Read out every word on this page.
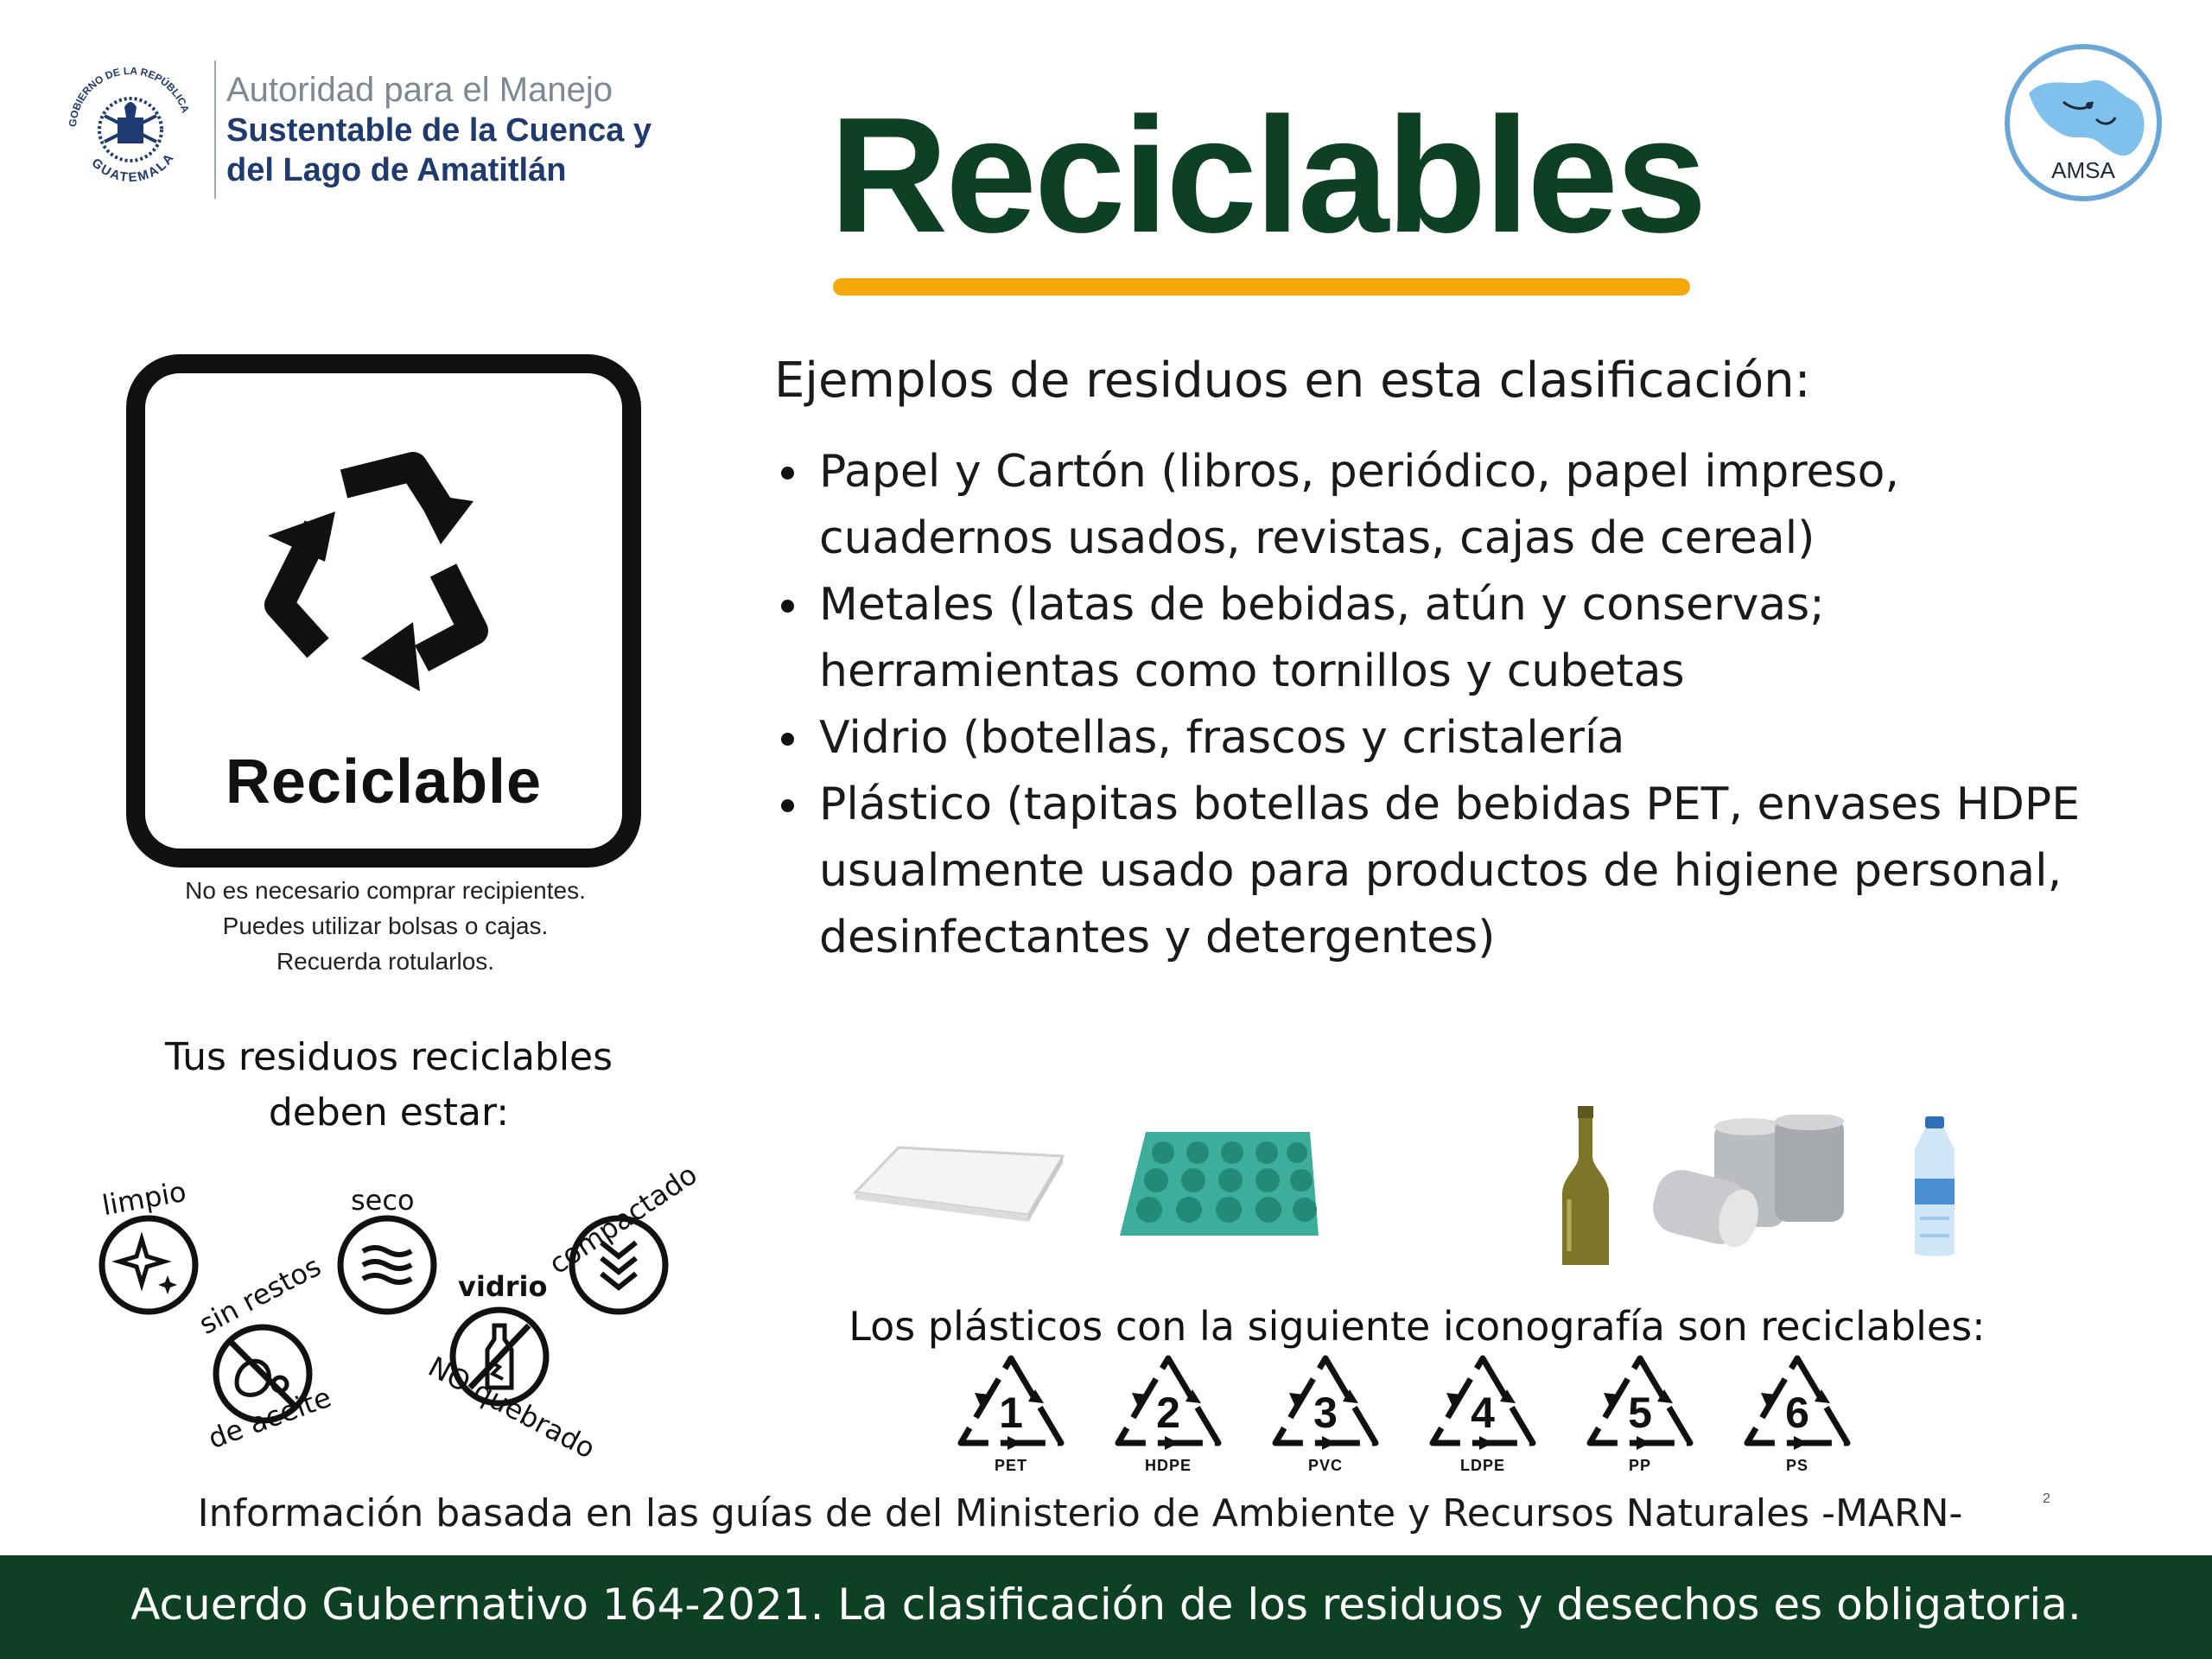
GOBIERNO DE LA REPÚBLICA
GUATEMALA
Autoridad para el Manejo
Sustentable de la Cuenca y
del Lago de Amatitlán Reciclables	AMSA
Reciclable
No es necesario comprar recipientes. Puedes utilizar bolsas o cajas. Recuerda rotularlos.
Tus residuos reciclables deben estar:
limpio
sin restos
de aceite
seco
vidrio
NO quebrado
compactado
Ejemplos de residuos en esta clasificación:
Papel y Cartón (libros, periódico, papel impreso, cuadernos usados, revistas, cajas de cereal)
Metales (latas de bebidas, atún y conservas; herramientas como tornillos y cubetas
Vidrio (botellas, frascos y cristalería
Plástico (tapitas botellas de bebidas PET, envases HDPE usualmente usado para productos de higiene personal, desinfectantes y detergentes)
Los plásticos con la siguiente iconografía son reciclables:
1
PET
2
HDPE
3
PVC
4
LDPE
5
PP
6
PS
Información basada en las guías de del Ministerio de Ambiente y Recursos Naturales -MARN-	2
Acuerdo Gubernativo 164-2021. La clasificación de los residuos y desechos es obligatoria.
